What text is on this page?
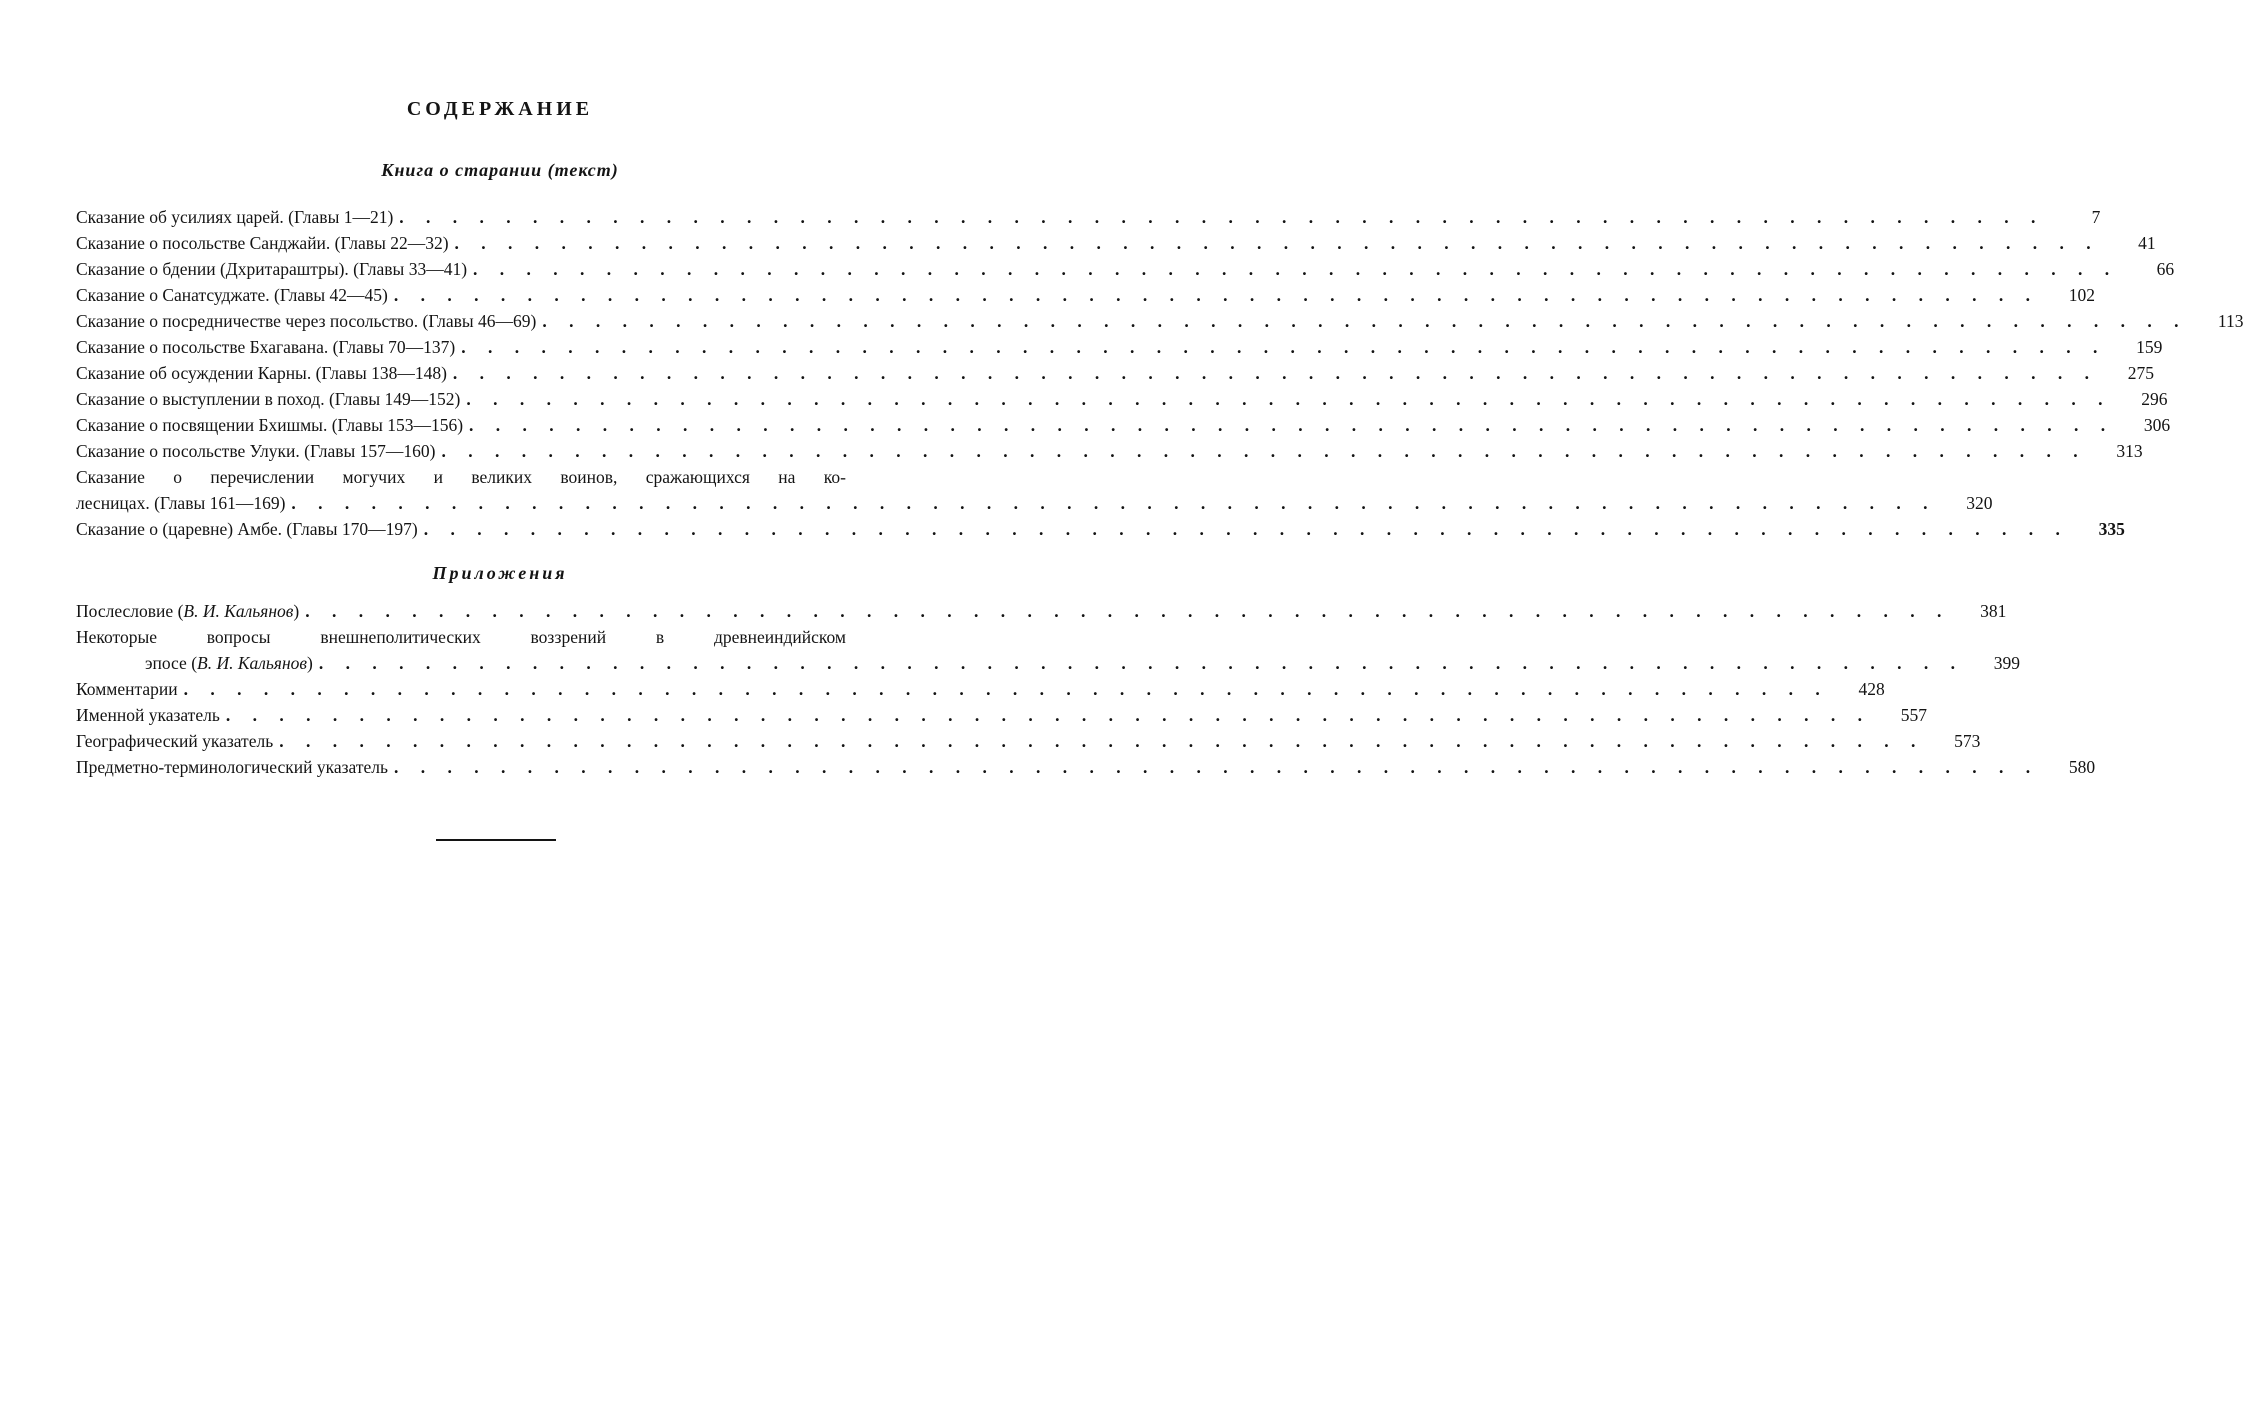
СОДЕРЖАНИЕ
Книга о старании (текст)
Сказание об усилиях царей. (Главы 1—21) . . .	7
Сказание о посольстве Санджайи. (Главы 22—32) . . .	41
Сказание о бдении (Дхритараштры). (Главы 33—41) . . .	66
Сказание о Санатсуджате. (Главы 42—45) . . .	102
Сказание о посредничестве через посольство. (Главы 46—69) . . .	113
Сказание о посольстве Бхагавана. (Главы 70—137) . . .	159
Сказание об осуждении Карны. (Главы 138—148) . . .	275
Сказание о выступлении в поход. (Главы 149—152) . . .	296
Сказание о посвящении Бхишмы. (Главы 153—156) . . .	306
Сказание о посольстве Улуки. (Главы 157—160) . . .	313
Сказание о перечислении могучих и великих воинов, сражающихся на ко-
лесницах. (Главы 161—169) . . .	320
Сказание о (царевне) Амбе. (Главы 170—197) . . .	335
Приложения
Послесловие (В. И. Кальянов) . . .	381
Некоторые вопросы внешнеполитических воззрений в древнеиндийском
эпосе (В. И. Кальянов) . . .	399
Комментарии . . .	428
Именной указатель . . .	557
Географический указатель . . .	573
Предметно-терминологический указатель . . .	580
